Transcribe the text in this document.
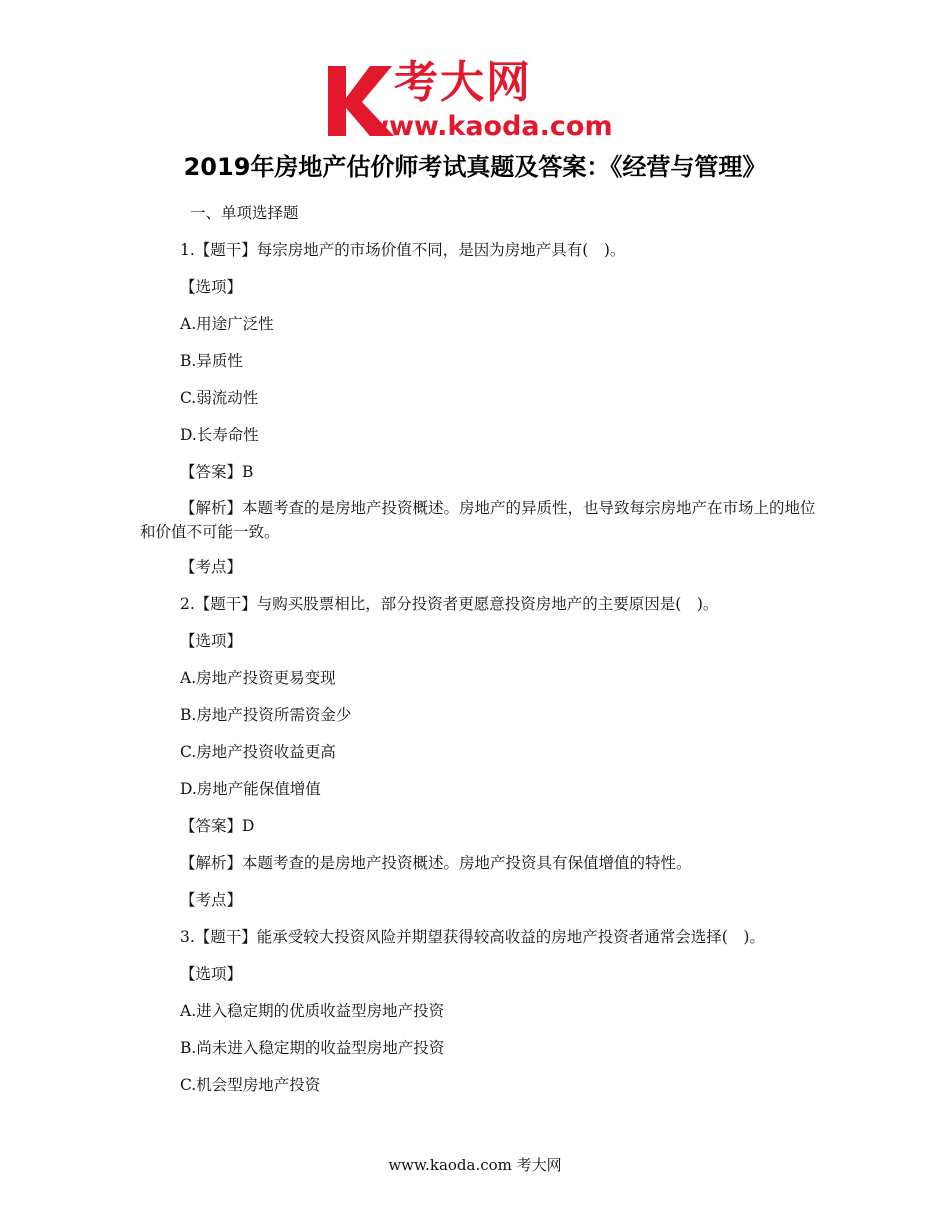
考大网
www.kaoda.com
2019年房地产估价师考试真题及答案：《经营与管理》

一、单项选择题

1.【题干】每宗房地产的市场价值不同，是因为房地产具有(　)。

【选项】

A.用途广泛性

B.异质性

C.弱流动性

D.长寿命性

【答案】B

【解析】本题考查的是房地产投资概述。房地产的异质性，也导致每宗房地产在市场上的地位和价值不可能一致。

【考点】

2.【题干】与购买股票相比，部分投资者更愿意投资房地产的主要原因是(　)。

【选项】

A.房地产投资更易变现

B.房地产投资所需资金少

C.房地产投资收益更高

D.房地产能保值增值

【答案】D

【解析】本题考查的是房地产投资概述。房地产投资具有保值增值的特性。

【考点】

3.【题干】能承受较大投资风险并期望获得较高收益的房地产投资者通常会选择(　)。

【选项】

A.进入稳定期的优质收益型房地产投资

B.尚未进入稳定期的收益型房地产投资

C.机会型房地产投资

www.kaoda.com 考大网
